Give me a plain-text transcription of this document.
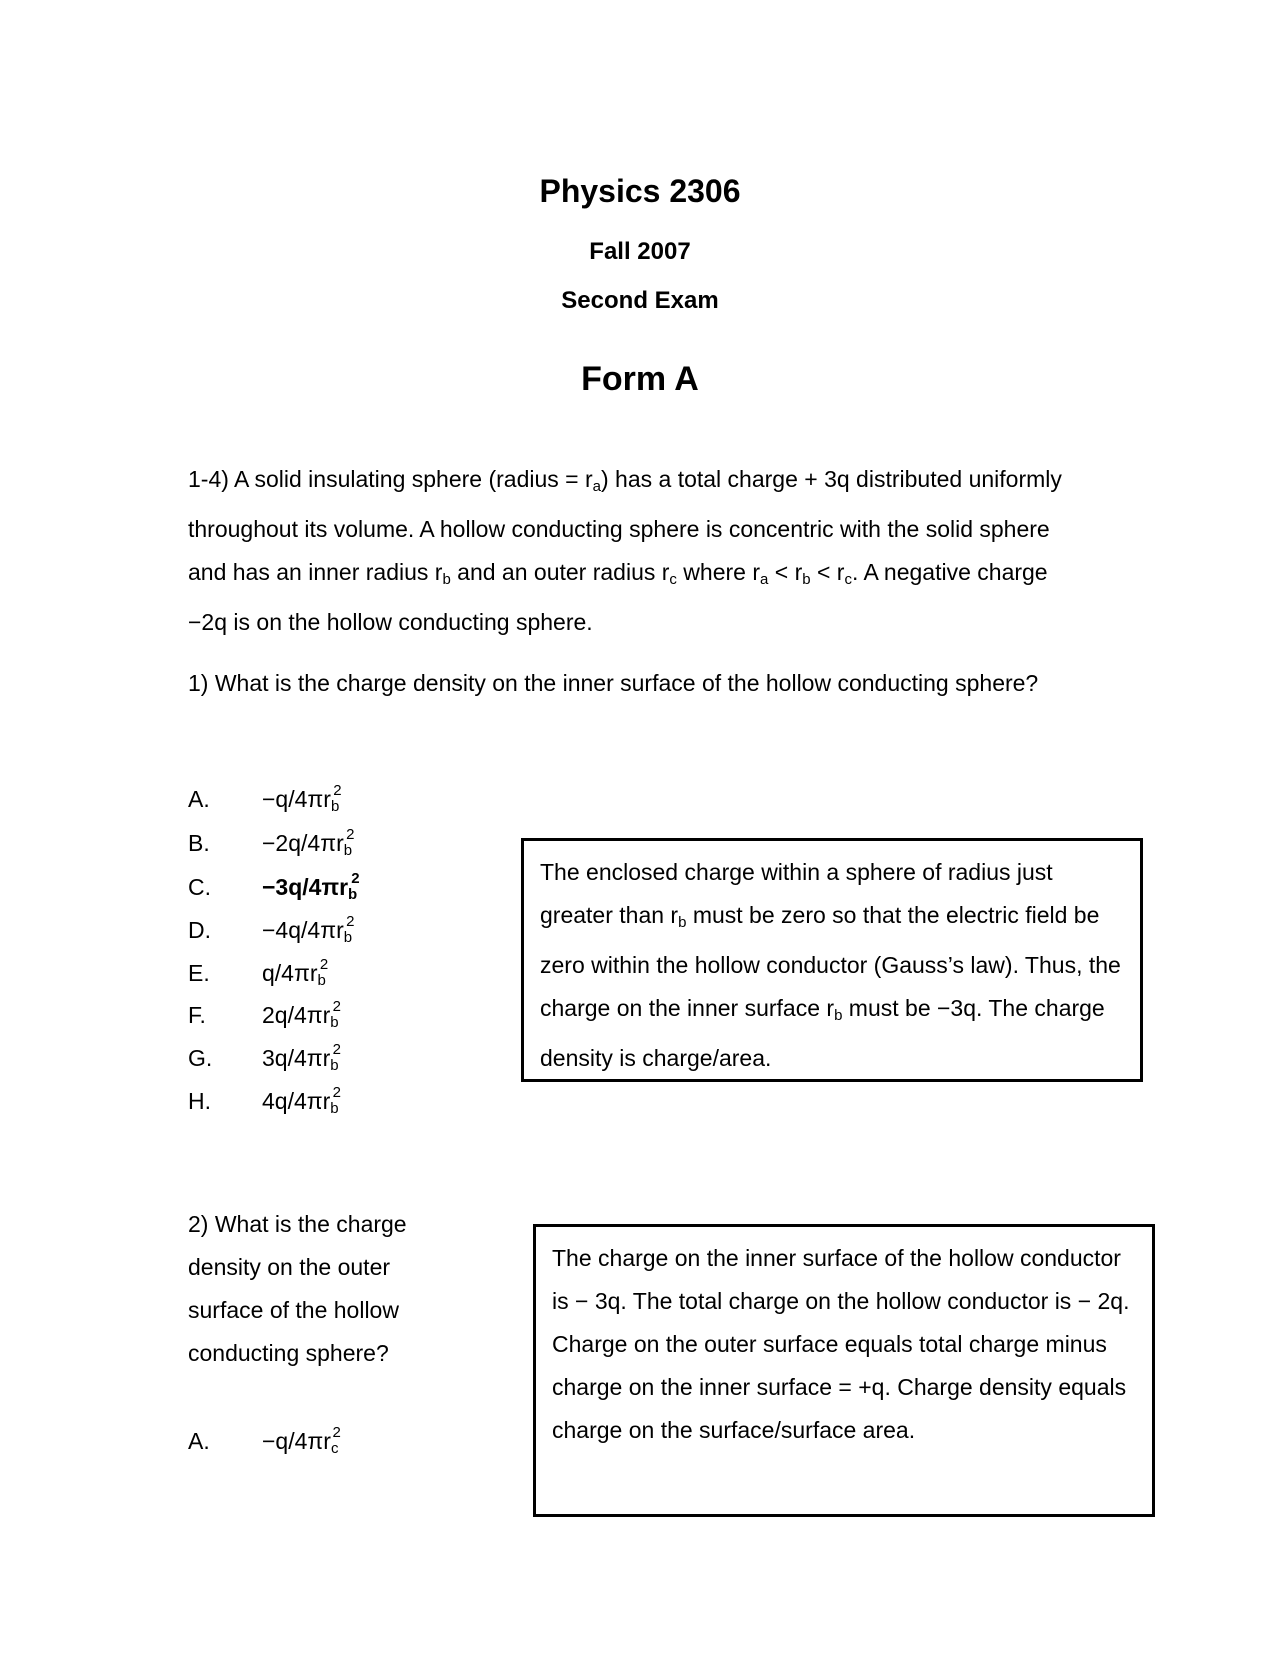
Physics 2306
Fall 2007
Second Exam
Form A
1-4) A solid insulating sphere (radius = $r_a$) has a total charge + 3q distributed uniformly throughout its volume. A hollow conducting sphere is concentric with the solid sphere and has an inner radius $r_b$ and an outer radius $r_c$ where $r_a < r_b < r_c$. A negative charge −2q is on the hollow conducting sphere.
1) What is the charge density on the inner surface of the hollow conducting sphere?
A. $-q/4\pi r_b^2$
B. $-2q/4\pi r_b^2$
C. $-3q/4\pi r_b^2$
D. $-4q/4\pi r_b^2$
E. $q/4\pi r_b^2$
F. $2q/4\pi r_b^2$
G. $3q/4\pi r_b^2$
H. $4q/4\pi r_b^2$
The enclosed charge within a sphere of radius just greater than $r_b$ must be zero so that the electric field be zero within the hollow conductor (Gauss’s law). Thus, the charge on the inner surface $r_b$ must be −3q. The charge density is charge/area.
2) What is the charge density on the outer surface of the hollow conducting sphere?
A. $-q/4\pi r_c^2$
The charge on the inner surface of the hollow conductor is − 3q. The total charge on the hollow conductor is − 2q. Charge on the outer surface equals total charge minus charge on the inner surface = +q. Charge density equals charge on the surface/surface area.
